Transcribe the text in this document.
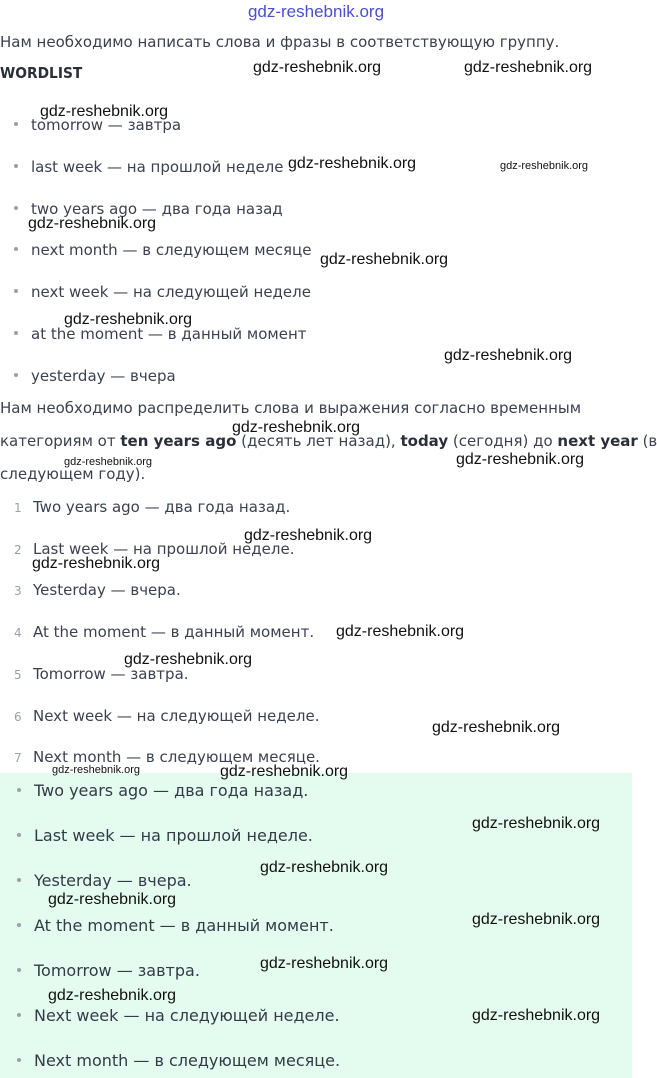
gdz-reshebnik.org
Нам необходимо написать слова и фразы в соответствующую группу.
WORDLIST
tomorrow — завтра
last week — на прошлой неделе
two years ago — два года назад
next month — в следующем месяце
next week — на следующей неделе
at the moment — в данный момент
yesterday — вчера
Нам необходимо распределить слова и выражения согласно временным
категориям от ten years ago (десять лет назад), today (сегодня) до next year (в
следующем году).
1 Two years ago — два года назад.
2 Last week — на прошлой неделе.
3 Yesterday — вчера.
4 At the moment — в данный момент.
5 Tomorrow — завтра.
6 Next week — на следующей неделе.
7 Next month — в следующем месяце.
Two years ago — два года назад.
Last week — на прошлой неделе.
Yesterday — вчера.
At the moment — в данный момент.
Tomorrow — завтра.
Next week — на следующей неделе.
Next month — в следующем месяце.
gdz-reshebnik.org	gdz-reshebnik.org
gdz-reshebnik.org
gdz-reshebnik.org	gdz-reshebnik.org
gdz-reshebnik.org
gdz-reshebnik.org
gdz-reshebnik.org
gdz-reshebnik.org
gdz-reshebnik.org
gdz-reshebnik.org	gdz-reshebnik.org
gdz-reshebnik.org
gdz-reshebnik.org
gdz-reshebnik.org
gdz-reshebnik.org
gdz-reshebnik.org
gdz-reshebnik.org	gdz-reshebnik.org
gdz-reshebnik.org
gdz-reshebnik.org
gdz-reshebnik.org
gdz-reshebnik.org
gdz-reshebnik.org
gdz-reshebnik.org
gdz-reshebnik.org
